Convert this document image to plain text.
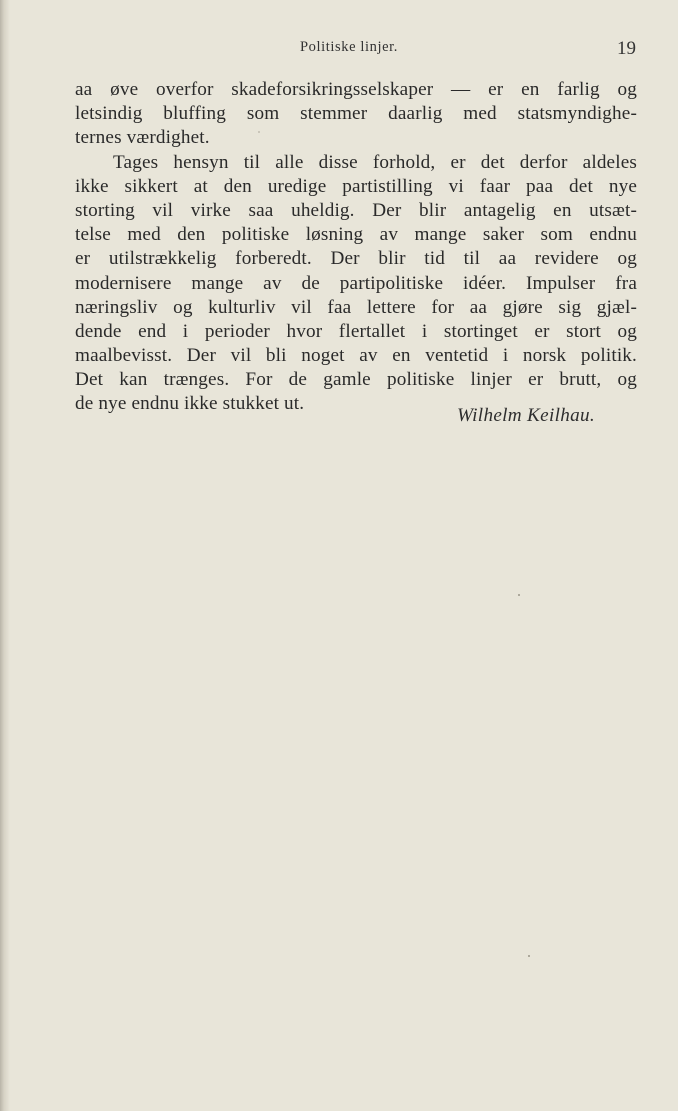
Politiske linjer.	19
aa øve overfor skadeforsikringsselskaper — er en farlig og
letsindig bluffing som stemmer daarlig med statsmyndighe-
ternes værdighet.
Tages hensyn til alle disse forhold, er det derfor aldeles
ikke sikkert at den uredige partistilling vi faar paa det nye
storting vil virke saa uheldig. Der blir antagelig en utsæt-
telse med den politiske løsning av mange saker som endnu
er utilstrækkelig forberedt. Der blir tid til aa revidere og
modernisere mange av de partipolitiske idéer. Impulser fra
næringsliv og kulturliv vil faa lettere for aa gjøre sig gjæl-
dende end i perioder hvor flertallet i stortinget er stort og
maalbevisst. Der vil bli noget av en ventetid i norsk politik.
Det kan trænges. For de gamle politiske linjer er brutt, og
de nye endnu ikke stukket ut.
Wilhelm Keilhau.
